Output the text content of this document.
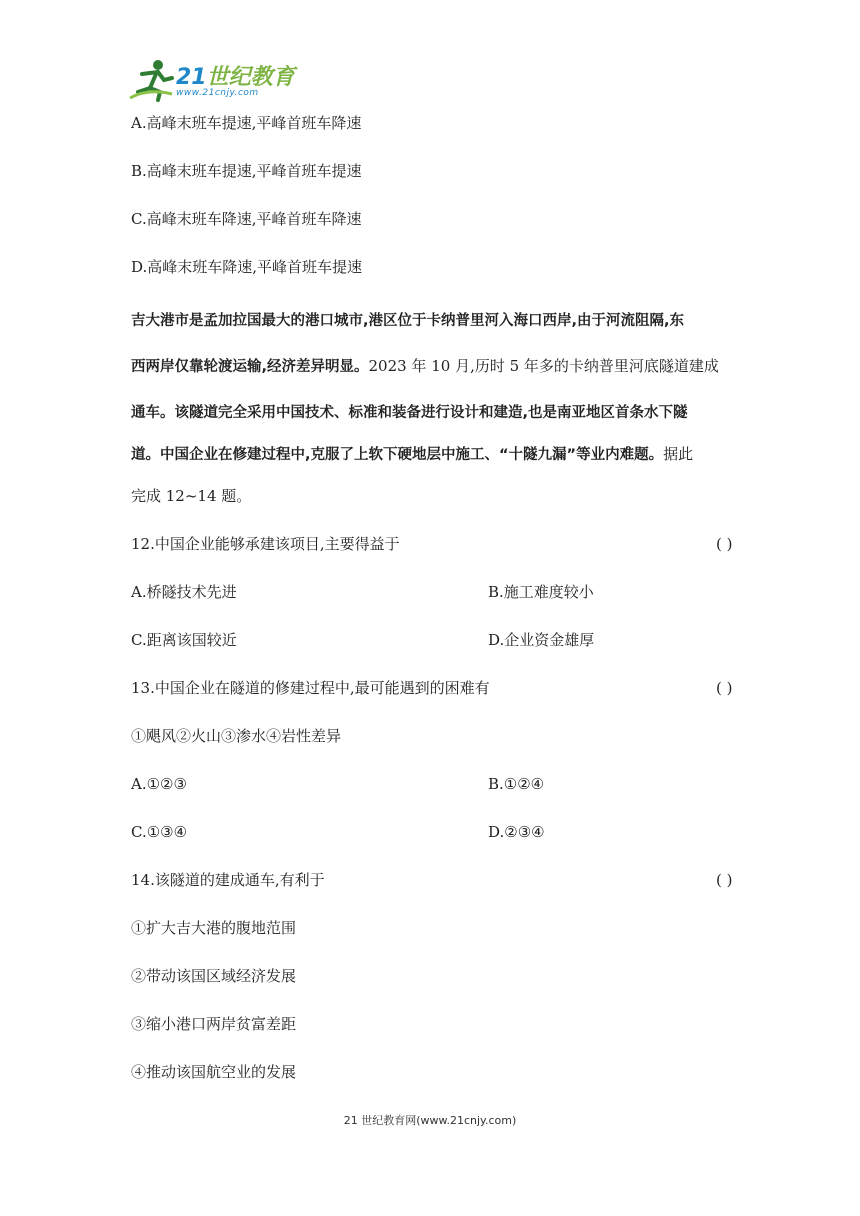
21世纪教育
www.21cnjy.com
A.高峰末班车提速,平峰首班车降速
B.高峰末班车提速,平峰首班车提速
C.高峰末班车降速,平峰首班车降速
D.高峰末班车降速,平峰首班车提速
吉大港市是孟加拉国最大的港口城市,港区位于卡纳普里河入海口西岸,由于河流阻隔,东
西两岸仅靠轮渡运输,经济差异明显。2023 年 10 月,历时 5 年多的卡纳普里河底隧道建成
通车。该隧道完全采用中国技术、标准和装备进行设计和建造,也是南亚地区首条水下隧
道。中国企业在修建过程中,克服了上软下硬地层中施工、“十隧九漏”等业内难题。据此
完成 12~14 题。
12.中国企业能够承建该项目,主要得益于	( )
A.桥隧技术先进	B.施工难度较小
C.距离该国较近	D.企业资金雄厚
13.中国企业在隧道的修建过程中,最可能遇到的困难有	( )
①飓风②火山③渗水④岩性差异
A.①②③	B.①②④
C.①③④	D.②③④
14.该隧道的建成通车,有利于	( )
①扩大吉大港的腹地范围
②带动该国区域经济发展
③缩小港口两岸贫富差距
④推动该国航空业的发展
21 世纪教育网(www.21cnjy.com)
